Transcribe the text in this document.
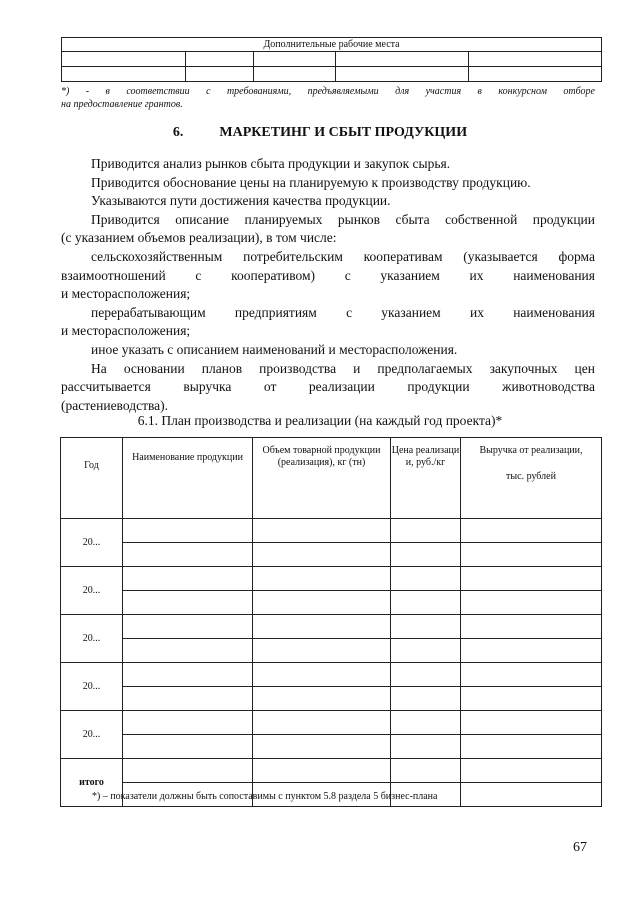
Дополнительные рабочие места				

*) - в соответствии с требованиями, предъявляемыми для участия в конкурсном отборе
на предоставление грантов.
6.	МАРКЕТИНГ И СБЫТ ПРОДУКЦИИ

Приводится анализ рынков сбыта продукции и закупок сырья.

Приводится обоснование цены на планируемую к производству продукцию.

Указываются пути достижения качества продукции.

Приводится описание планируемых рынков сбыта собственной продукции

(с указанием объемов реализации), в том числе:

сельскохозяйственным потребительским кооперативам (указывается форма

взаимоотношений с кооперативом) с указанием их наименования

и месторасположения;

перерабатывающим предприятиям с указанием их наименования

и месторасположения;

иное указать с описанием наименований и месторасположения.

На основании планов производства и предполагаемых закупочных цен

рассчитывается выручка от реализации продукции животноводства

(растениеводства).

6.1. План производства и реализации (на каждый год проекта)*
Год	Наименование продукции	Объем товарной продукции (реализация), кг (тн)	Цена реализаци и, руб./кг	Выручка от реализации,
тыс. рублей

20...				

20...				

20...				

20...				

20...				

итого				

*) – показатели должны быть сопоставимы с пунктом 5.8 раздела 5 бизнес-плана
67
